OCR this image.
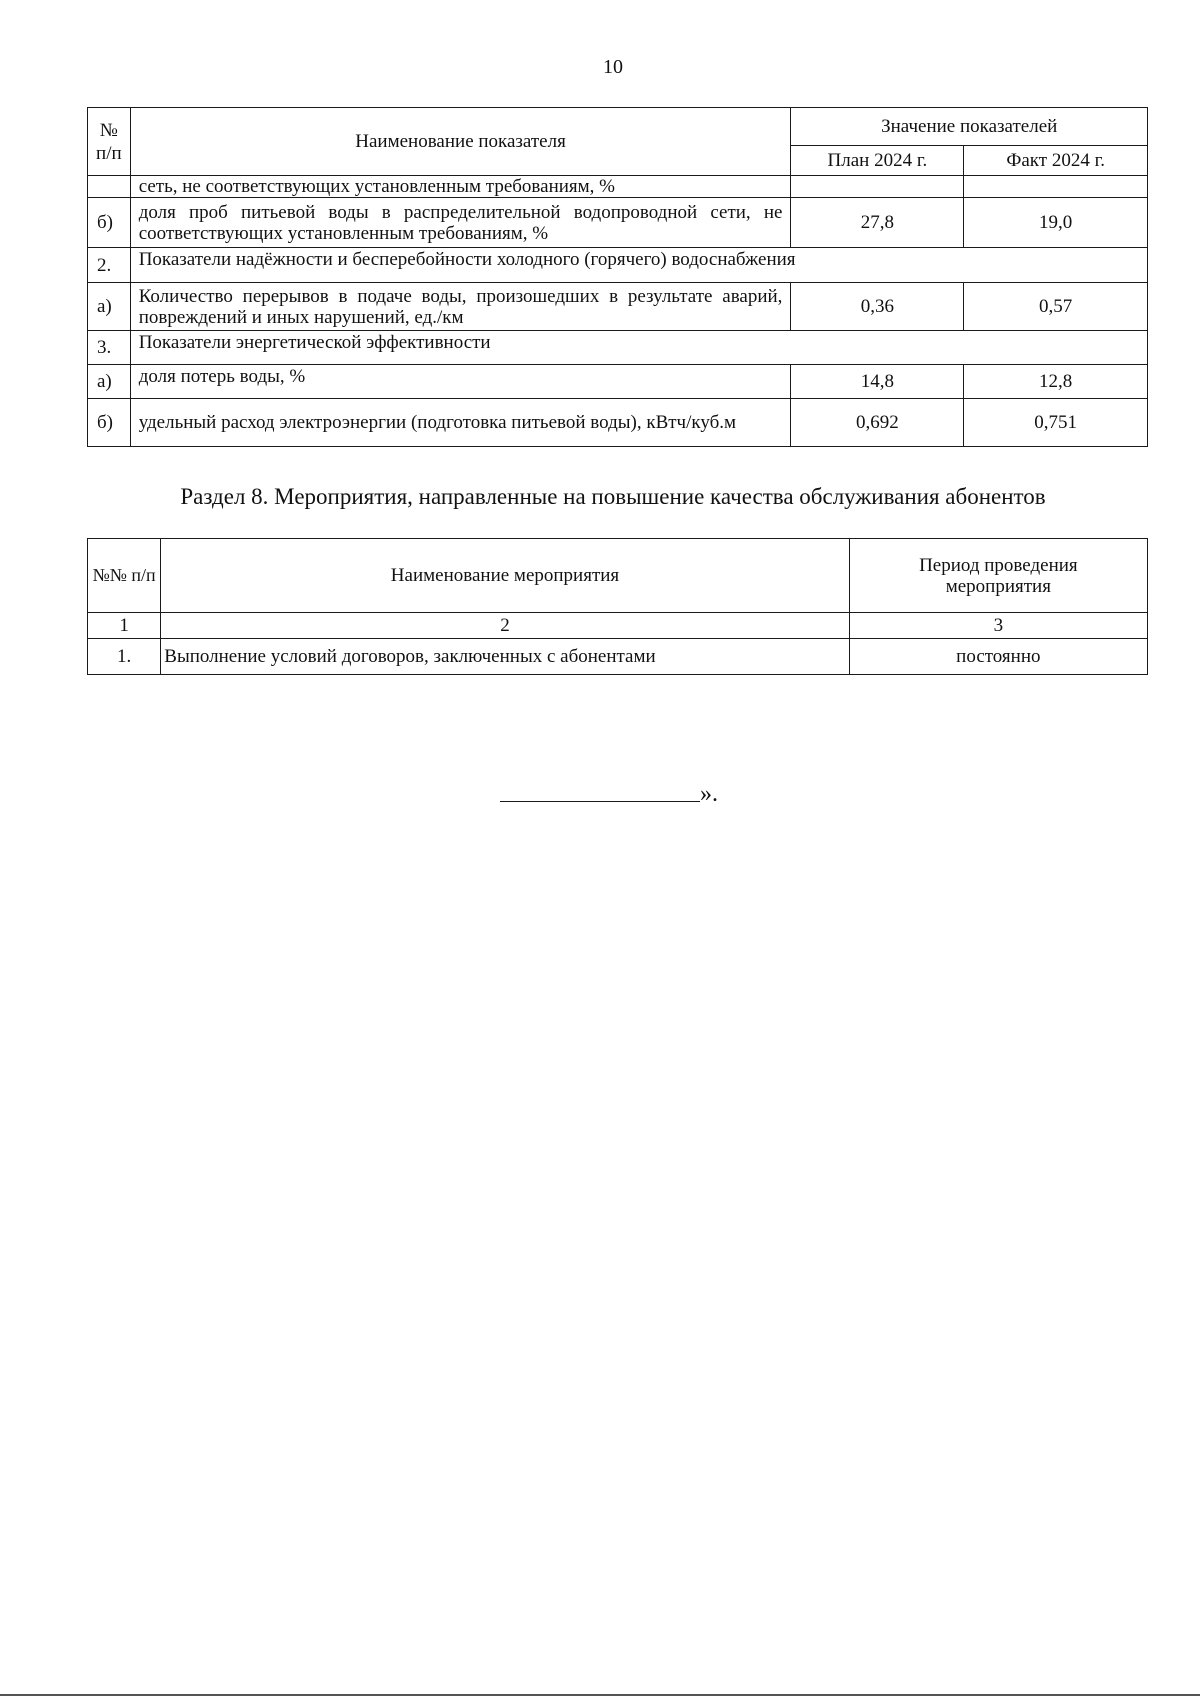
10
№
п/п	Наименование показателя	Значение показателей	
		План 2024 г.	Факт 2024 г.
	сеть, не соответствующих установленным требованиям, %		
б)	доля проб питьевой воды в распределительной водопроводной сети, не соответствующих установленным требованиям, %	27,8	19,0
2.	Показатели надёжности и бесперебойности холодного (горячего) водоснабжения		
а)	Количество перерывов в подаче воды, произошедших в результате аварий, повреждений и иных нарушений, ед./км	0,36	0,57
3.	Показатели энергетической эффективности		
а)	доля потерь воды, %	14,8	12,8
б)	удельный расход электроэнергии (подготовка питьевой воды), кВтч/куб.м	0,692	0,751
Раздел 8. Мероприятия, направленные на повышение качества обслуживания абонентов
№№ п/п	Наименование мероприятия	Период проведения мероприятия
1	2	3
1.	Выполнение условий договоров, заключенных с абонентами	постоянно
».
